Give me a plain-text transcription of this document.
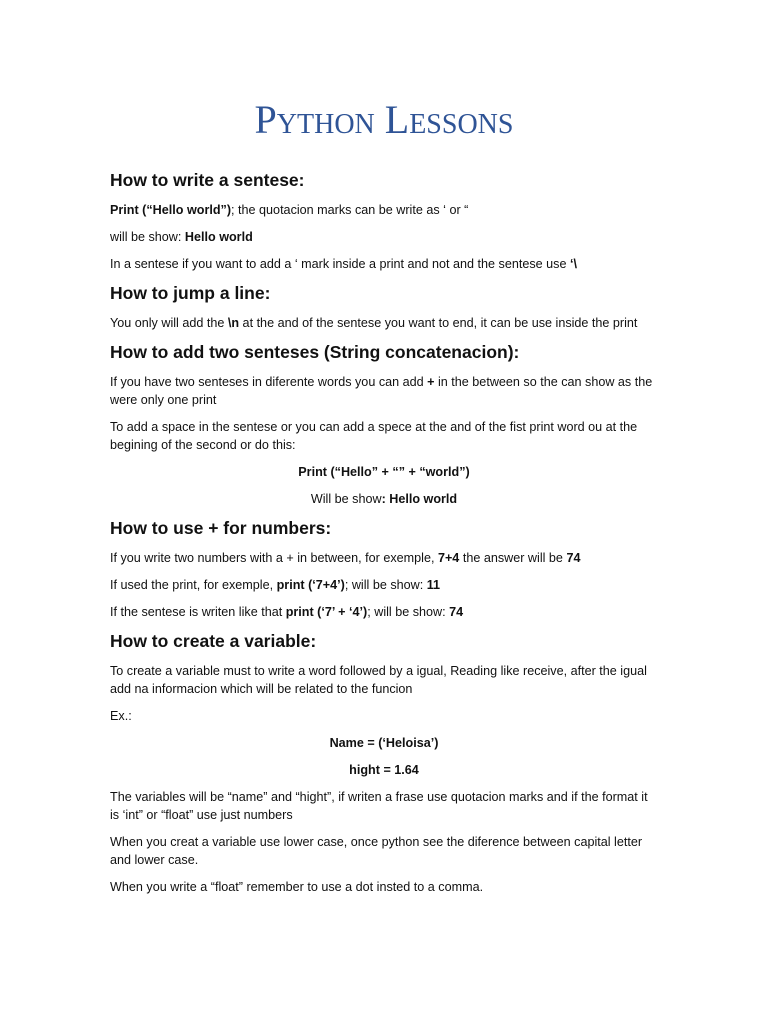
Python Lessons
How to write a sentese:

Print (“Hello world”); the quotacion marks can be write as ‘ or “

will be show: Hello world

In a sentese if you want to add a ‘ mark inside a print and not and the sentese use ‘\

How to jump a line:

You only will add the \n at the and of the sentese you want to end, it can be use inside the print

How to add two senteses (String concatenacion):

If you have two senteses in diferente words you can add + in the between so the can show as the were only one print

To add a space in the sentese or you can add a spece at the and of the fist print word ou at the begining of the second or do this:

Print (“Hello” + “” + “world”)

Will be show: Hello world

How to use + for numbers:

If you write two numbers with a + in between, for exemple, 7+4 the answer will be 74

If used the print, for exemple, print (‘7+4’); will be show: 11

If the sentese is writen like that print (‘7’ + ‘4’); will be show: 74

How to create a variable:

To create a variable must to write a word followed by a igual, Reading like receive, after the igual add na informacion which will be related to the funcion

Ex.:

Name = (‘Heloisa’)

hight = 1.64

The variables will be “name” and “hight”, if writen a frase use quotacion marks and if the format it is ‘int” or “float” use just numbers

When you creat a variable use lower case, once python see the diference between capital letter and lower case.

When you write a “float” remember to use a dot insted to a comma.
